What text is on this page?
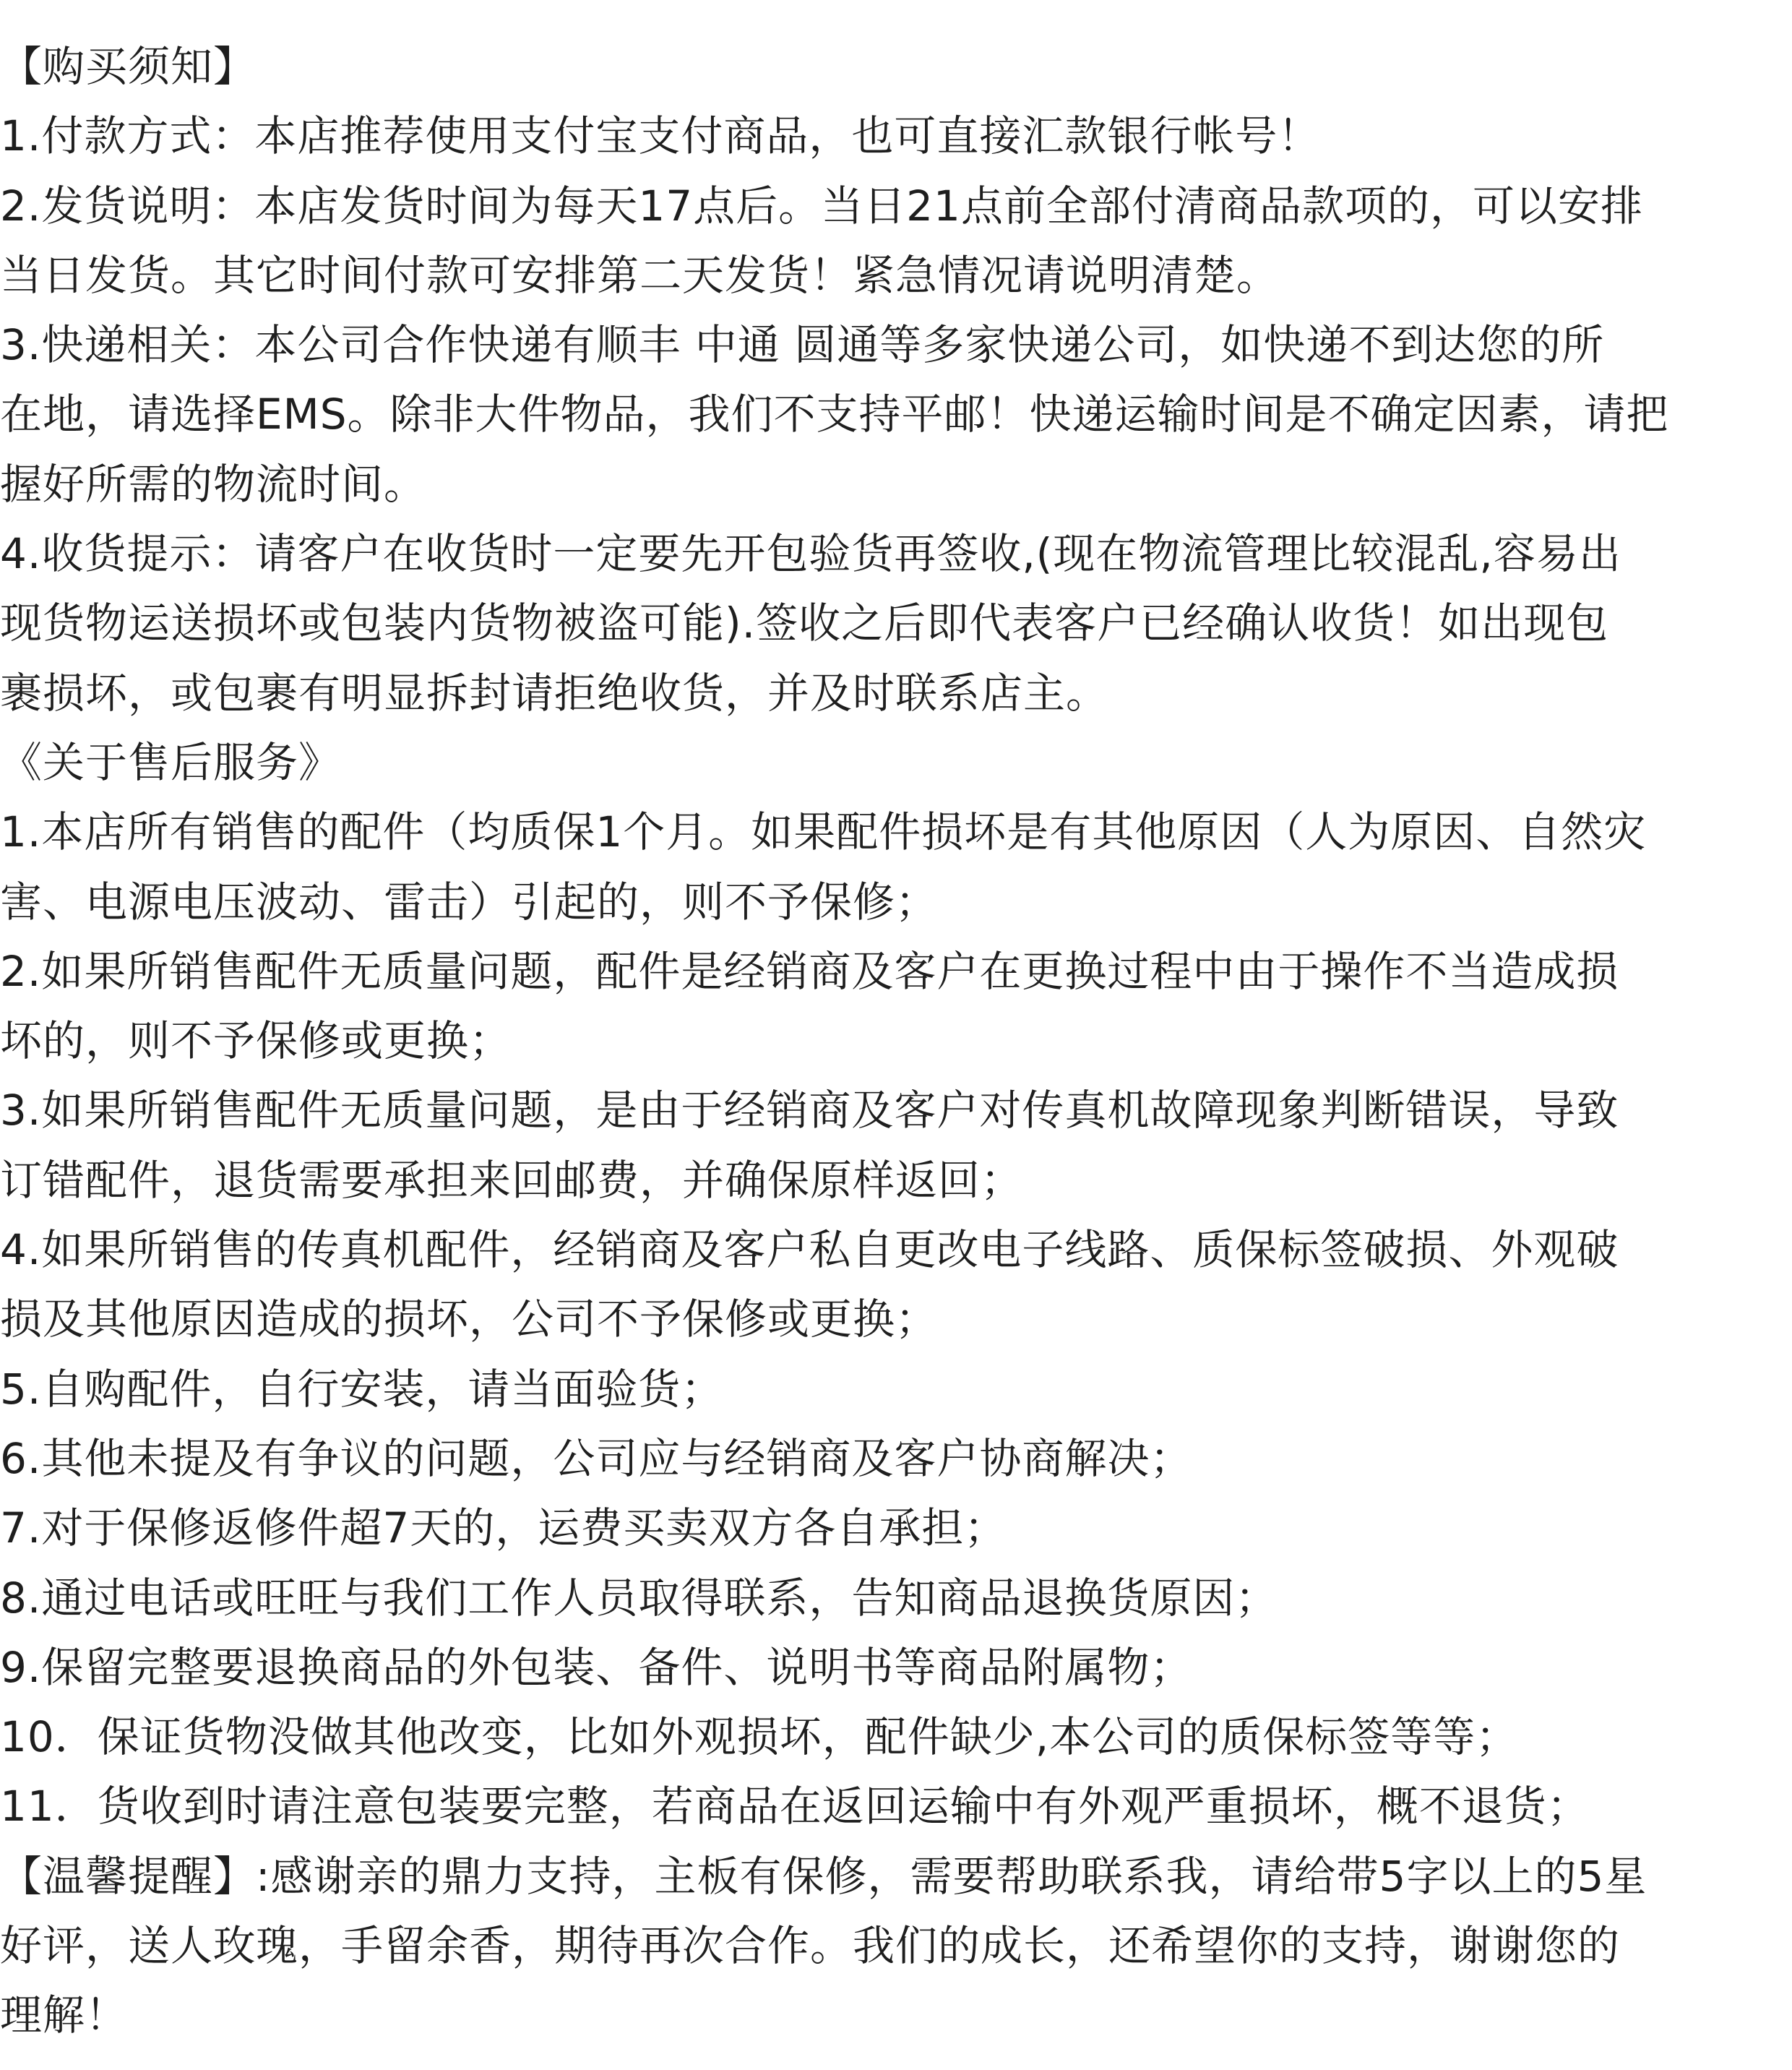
【购买须知】

1.付款方式：本店推荐使用支付宝支付商品，也可直接汇款银行帐号！

2.发货说明：本店发货时间为每天17点后。当日21点前全部付清商品款项的，可以安排

当日发货。其它时间付款可安排第二天发货！紧急情况请说明清楚。

3.快递相关：本公司合作快递有顺丰 中通 圆通等多家快递公司，如快递不到达您的所

在地，请选择EMS。除非大件物品，我们不支持平邮！快递运输时间是不确定因素，请把

握好所需的物流时间。

4.收货提示：请客户在收货时一定要先开包验货再签收,(现在物流管理比较混乱,容易出

现货物运送损坏或包装内货物被盗可能).签收之后即代表客户已经确认收货！如出现包

裹损坏，或包裹有明显拆封请拒绝收货，并及时联系店主。

《关于售后服务》

1.本店所有销售的配件（均质保1个月。如果配件损坏是有其他原因（人为原因、自然灾

害、电源电压波动、雷击）引起的，则不予保修；

2.如果所销售配件无质量问题，配件是经销商及客户在更换过程中由于操作不当造成损

坏的，则不予保修或更换；

3.如果所销售配件无质量问题，是由于经销商及客户对传真机故障现象判断错误，导致

订错配件，退货需要承担来回邮费，并确保原样返回；

4.如果所销售的传真机配件，经销商及客户私自更改电子线路、质保标签破损、外观破

损及其他原因造成的损坏，公司不予保修或更换；

5.自购配件，自行安装，请当面验货；

6.其他未提及有争议的问题，公司应与经销商及客户协商解决；

7.对于保修返修件超7天的，运费买卖双方各自承担；

8.通过电话或旺旺与我们工作人员取得联系，告知商品退换货原因；

9.保留完整要退换商品的外包装、备件、说明书等商品附属物；

10．保证货物没做其他改变，比如外观损坏，配件缺少,本公司的质保标签等等；

11．货收到时请注意包装要完整，若商品在返回运输中有外观严重损坏，概不退货；

【温馨提醒】:感谢亲的鼎力支持，主板有保修，需要帮助联系我，请给带5字以上的5星

好评，送人玫瑰，手留余香，期待再次合作。我们的成长，还希望你的支持，谢谢您的

理解！
